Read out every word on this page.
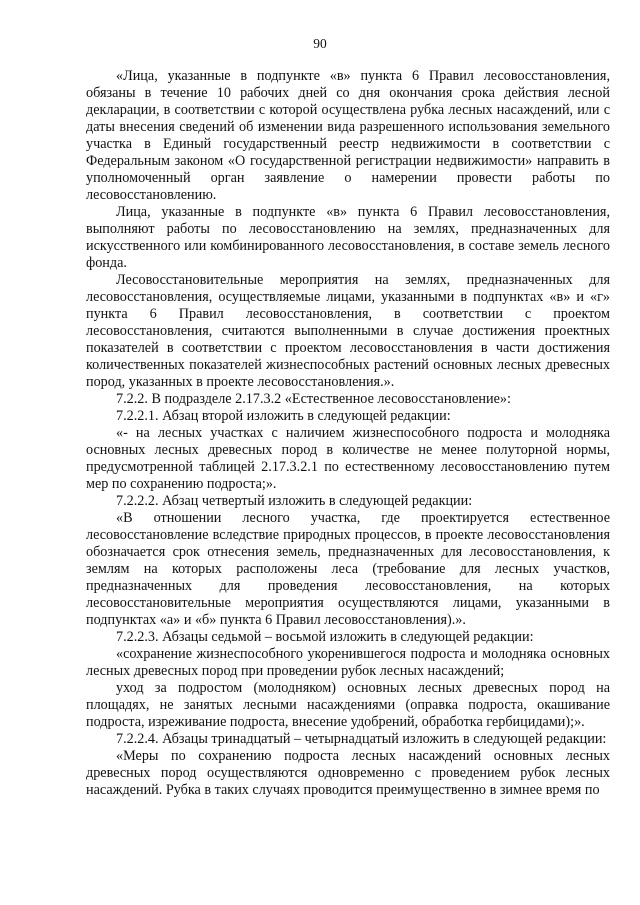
90

«Лица, указанные в подпункте «в» пункта 6 Правил лесовосстановления, обязаны в течение 10 рабочих дней со дня окончания срока действия лесной декларации, в соответствии с которой осуществлена рубка лесных насаждений, или с даты внесения сведений об изменении вида разрешенного использования земельного участка в Единый государственный реестр недвижимости в соответствии с Федеральным законом «О государственной регистрации недвижимости» направить в уполномоченный орган заявление о намерении провести работы по лесовосстановлению.

Лица, указанные в подпункте «в» пункта 6 Правил лесовосстановления, выполняют работы по лесовосстановлению на землях, предназначенных для искусственного или комбинированного лесовосстановления, в составе земель лесного фонда.

Лесовосстановительные мероприятия на землях, предназначенных для лесовосстановления, осуществляемые лицами, указанными в подпунктах «в» и «г» пункта 6 Правил лесовосстановления, в соответствии с проектом лесовосстановления, считаются выполненными в случае достижения проектных показателей в соответствии с проектом лесовосстановления в части достижения количественных показателей жизнеспособных растений основных лесных древесных пород, указанных в проекте лесовосстановления.».

7.2.2. В подразделе 2.17.3.2 «Естественное лесовосстановление»:

7.2.2.1. Абзац второй изложить в следующей редакции:

«- на лесных участках с наличием жизнеспособного подроста и молодняка основных лесных древесных пород в количестве не менее полуторной нормы, предусмотренной таблицей 2.17.3.2.1 по естественному лесовосстановлению путем мер по сохранению подроста;».

7.2.2.2. Абзац четвертый изложить в следующей редакции:

«В отношении лесного участка, где проектируется естественное лесовосстановление вследствие природных процессов, в проекте лесовосстановления обозначается срок отнесения земель, предназначенных для лесовосстановления, к землям на которых расположены леса (требование для лесных участков, предназначенных для проведения лесовосстановления, на которых лесовосстановительные мероприятия осуществляются лицами, указанными в подпунктах «а» и «б» пункта 6 Правил лесовосстановления).».

7.2.2.3. Абзацы седьмой – восьмой изложить в следующей редакции:

«сохранение жизнеспособного укоренившегося подроста и молодняка основных лесных древесных пород при проведении рубок лесных насаждений;

уход за подростом (молодняком) основных лесных древесных пород на площадях, не занятых лесными насаждениями (оправка подроста, окашивание подроста, изреживание подроста, внесение удобрений, обработка гербицидами);».

7.2.2.4. Абзацы тринадцатый – четырнадцатый изложить в следующей редакции:

«Меры по сохранению подроста лесных насаждений основных лесных древесных пород осуществляются одновременно с проведением рубок лесных насаждений. Рубка в таких случаях проводится преимущественно в зимнее время по
